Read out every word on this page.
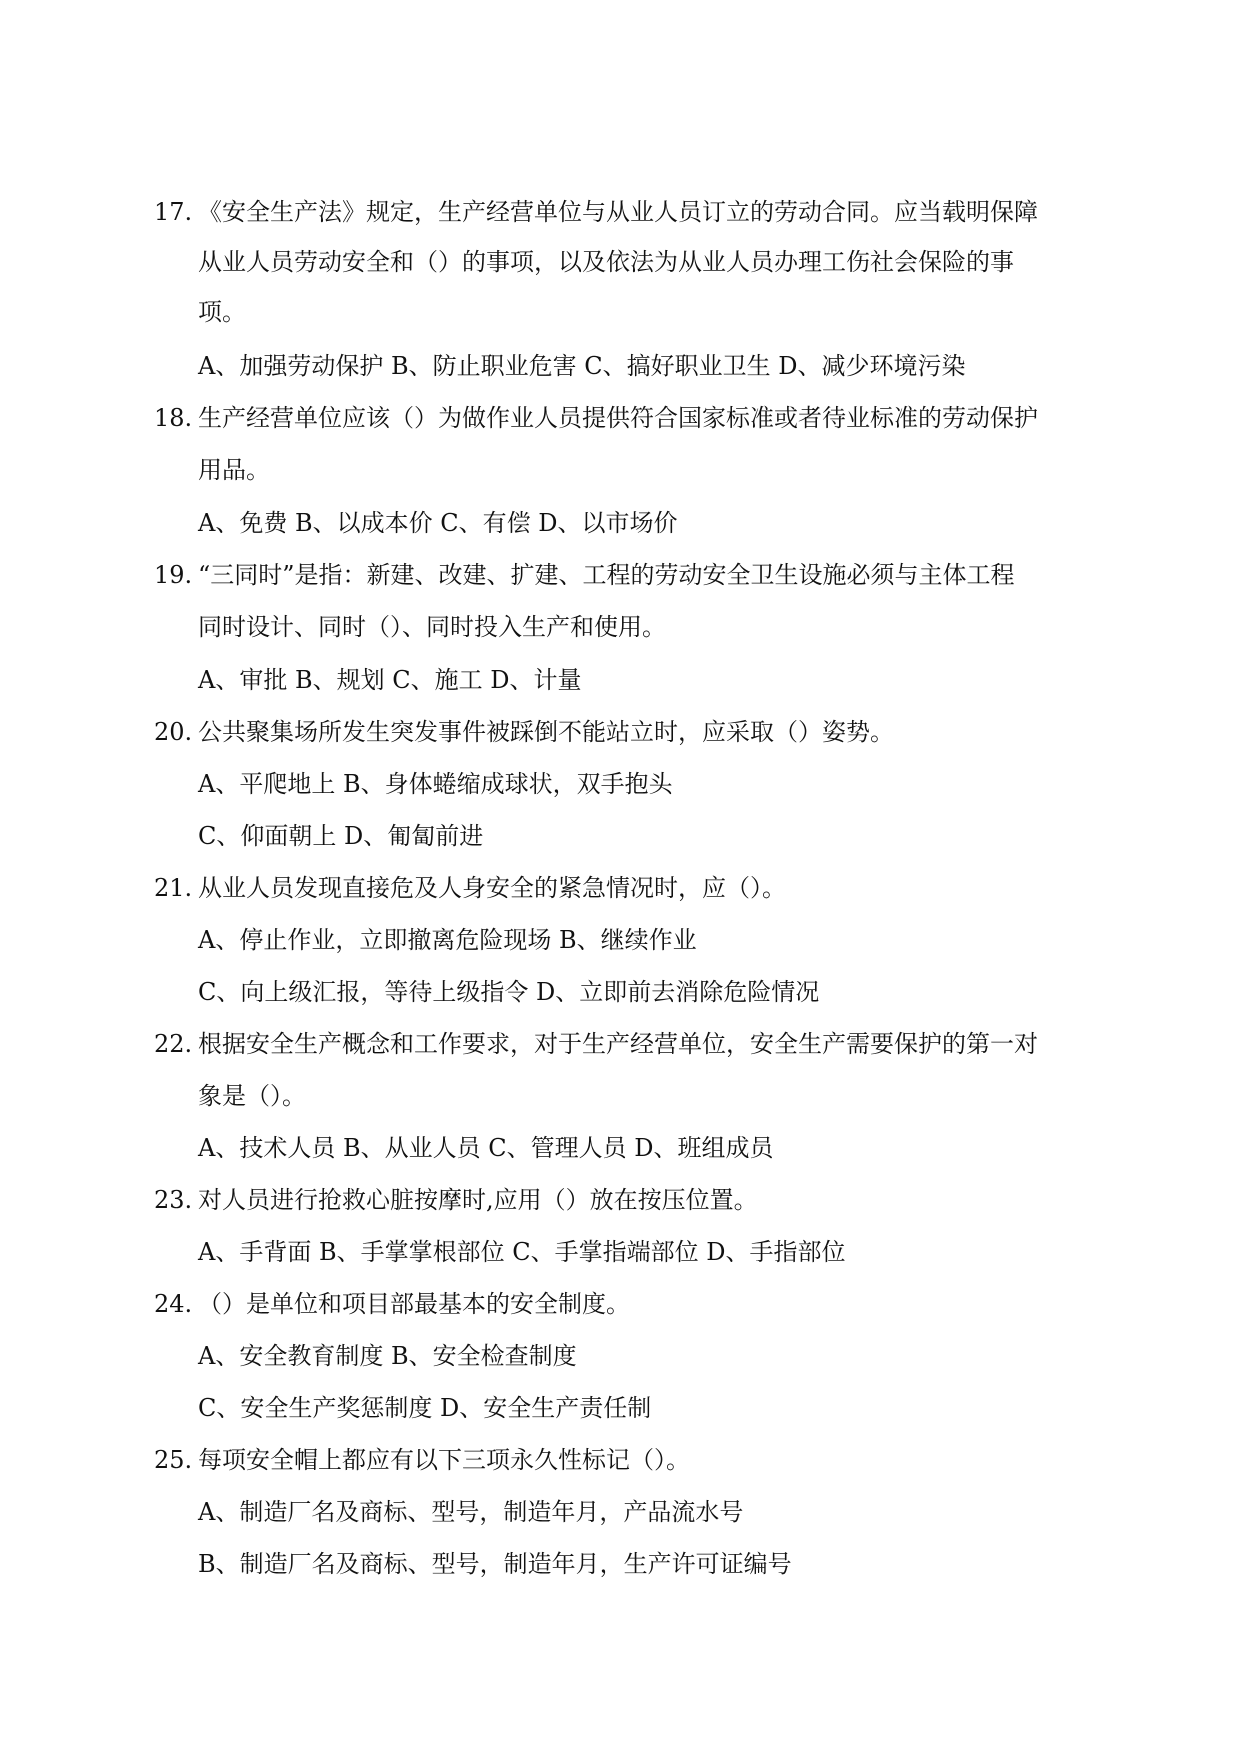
17. 《安全生产法》规定，生产经营单位与从业人员订立的劳动合同。应当载明保障
从业人员劳动安全和（）的事项，以及依法为从业人员办理工伤社会保险的事
项。
A、加强劳动保护 B、防止职业危害 C、搞好职业卫生 D、减少环境污染
18. 生产经营单位应该（）为做作业人员提供符合国家标准或者待业标准的劳动保护
用品。
A、免费 B、以成本价 C、有偿 D、以市场价
19. “三同时”是指：新建、改建、扩建、工程的劳动安全卫生设施必须与主体工程
同时设计、同时（）、同时投入生产和使用。
A、审批 B、规划 C、施工 D、计量
20. 公共聚集场所发生突发事件被踩倒不能站立时，应采取（）姿势。
A、平爬地上 B、身体蜷缩成球状，双手抱头
C、仰面朝上 D、匍匐前进
21. 从业人员发现直接危及人身安全的紧急情况时，应（）。
A、停止作业，立即撤离危险现场 B、继续作业
C、向上级汇报，等待上级指令 D、立即前去消除危险情况
22. 根据安全生产概念和工作要求，对于生产经营单位，安全生产需要保护的第一对
象是（）。
A、技术人员 B、从业人员 C、管理人员 D、班组成员
23. 对人员进行抢救心脏按摩时,应用（）放在按压位置。
A、手背面 B、手掌掌根部位 C、手掌指端部位 D、手指部位
24. （）是单位和项目部最基本的安全制度。
A、安全教育制度 B、安全检查制度
C、安全生产奖惩制度 D、安全生产责任制
25. 每项安全帽上都应有以下三项永久性标记（）。
A、制造厂名及商标、型号，制造年月，产品流水号
B、制造厂名及商标、型号，制造年月，生产许可证编号
